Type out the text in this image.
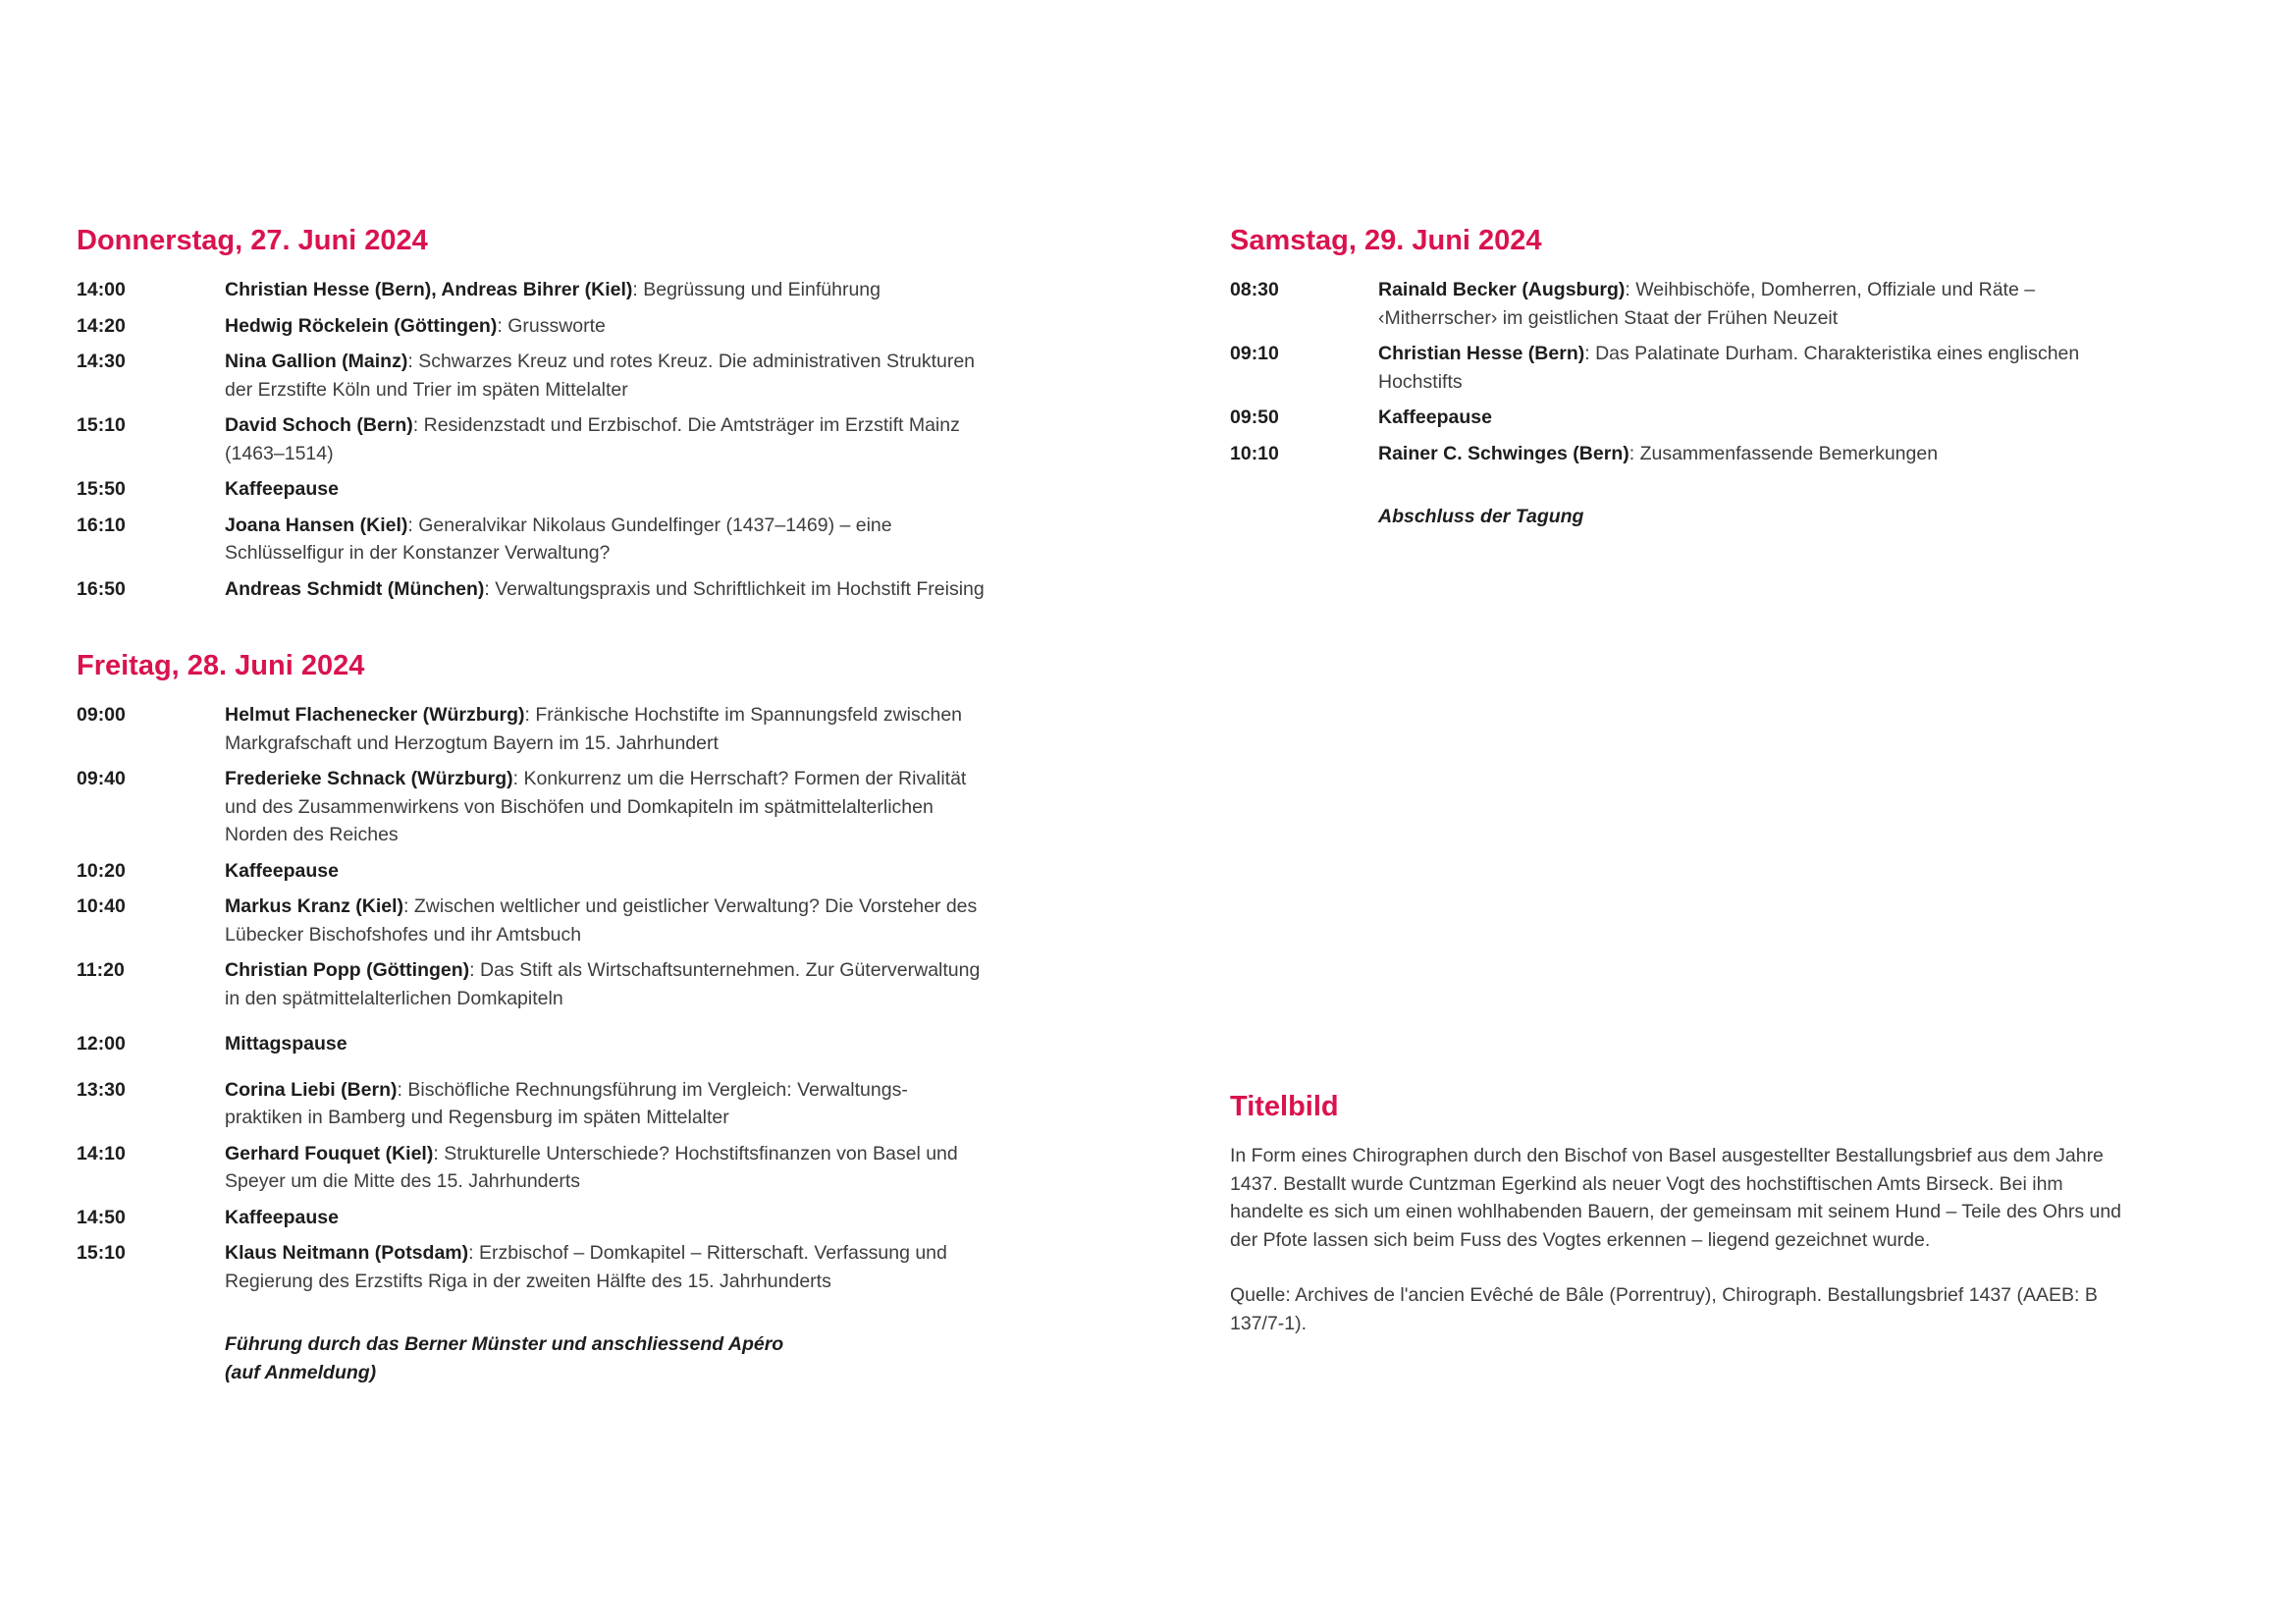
Donnerstag, 27. Juni 2024
14:00	Christian Hesse (Bern), Andreas Bihrer (Kiel): Begrüssung und Einführung
14:20	Hedwig Röckelein (Göttingen): Grussworte
14:30	Nina Gallion (Mainz): Schwarzes Kreuz und rotes Kreuz. Die administrativen Strukturen der Erzstifte Köln und Trier im späten Mittelalter
15:10	David Schoch (Bern): Residenzstadt und Erzbischof. Die Amtsträger im Erzstift Mainz (1463–1514)
15:50	Kaffeepause
16:10	Joana Hansen (Kiel): Generalvikar Nikolaus Gundelfinger (1437–1469) – eine Schlüsselfigur in der Konstanzer Verwaltung?
16:50	Andreas Schmidt (München): Verwaltungspraxis und Schriftlichkeit im Hochstift Freising
Freitag, 28. Juni 2024
09:00	Helmut Flachenecker (Würzburg): Fränkische Hochstifte im Spannungsfeld zwischen Markgrafschaft und Herzogtum Bayern im 15. Jahrhundert
09:40	Frederieke Schnack (Würzburg): Konkurrenz um die Herrschaft? Formen der Rivalität und des Zusammenwirkens von Bischöfen und Domkapiteln im spätmittelalterlichen Norden des Reiches
10:20	Kaffeepause
10:40	Markus Kranz (Kiel): Zwischen weltlicher und geistlicher Verwaltung? Die Vorsteher des Lübecker Bischofshofes und ihr Amtsbuch
11:20	Christian Popp (Göttingen): Das Stift als Wirtschaftsunternehmen. Zur Güterverwaltung in den spätmittelalterlichen Domkapiteln
12:00	Mittagspause
13:30	Corina Liebi (Bern): Bischöfliche Rechnungsführung im Vergleich: Verwaltungs-praktiken in Bamberg und Regensburg im späten Mittelalter
14:10	Gerhard Fouquet (Kiel): Strukturelle Unterschiede? Hochstiftsfinanzen von Basel und Speyer um die Mitte des 15. Jahrhunderts
14:50	Kaffeepause
15:10	Klaus Neitmann (Potsdam): Erzbischof – Domkapitel – Ritterschaft. Verfassung und Regierung des Erzstifts Riga in der zweiten Hälfte des 15. Jahrhunderts
Führung durch das Berner Münster und anschliessend Apéro
(auf Anmeldung)
Samstag, 29. Juni 2024
08:30	Rainald Becker (Augsburg): Weihbischöfe, Domherren, Offiziale und Räte – ‹Mitherrscher› im geistlichen Staat der Frühen Neuzeit
09:10	Christian Hesse (Bern): Das Palatinate Durham. Charakteristika eines englischen Hochstifts
09:50	Kaffeepause
10:10	Rainer C. Schwinges (Bern): Zusammenfassende Bemerkungen
Abschluss der Tagung
Titelbild

In Form eines Chirographen durch den Bischof von Basel ausgestellter Bestallungsbrief aus dem Jahre 1437. Bestallt wurde Cuntzman Egerkind als neuer Vogt des hochstiftischen Amts Birseck. Bei ihm handelte es sich um einen wohlhabenden Bauern, der gemeinsam mit seinem Hund – Teile des Ohrs und der Pfote lassen sich beim Fuss des Vogtes erkennen – liegend gezeichnet wurde.

Quelle: Archives de l'ancien Evêché de Bâle (Porrentruy), Chirograph. Bestallungsbrief 1437 (AAEB: B 137/7-1).
